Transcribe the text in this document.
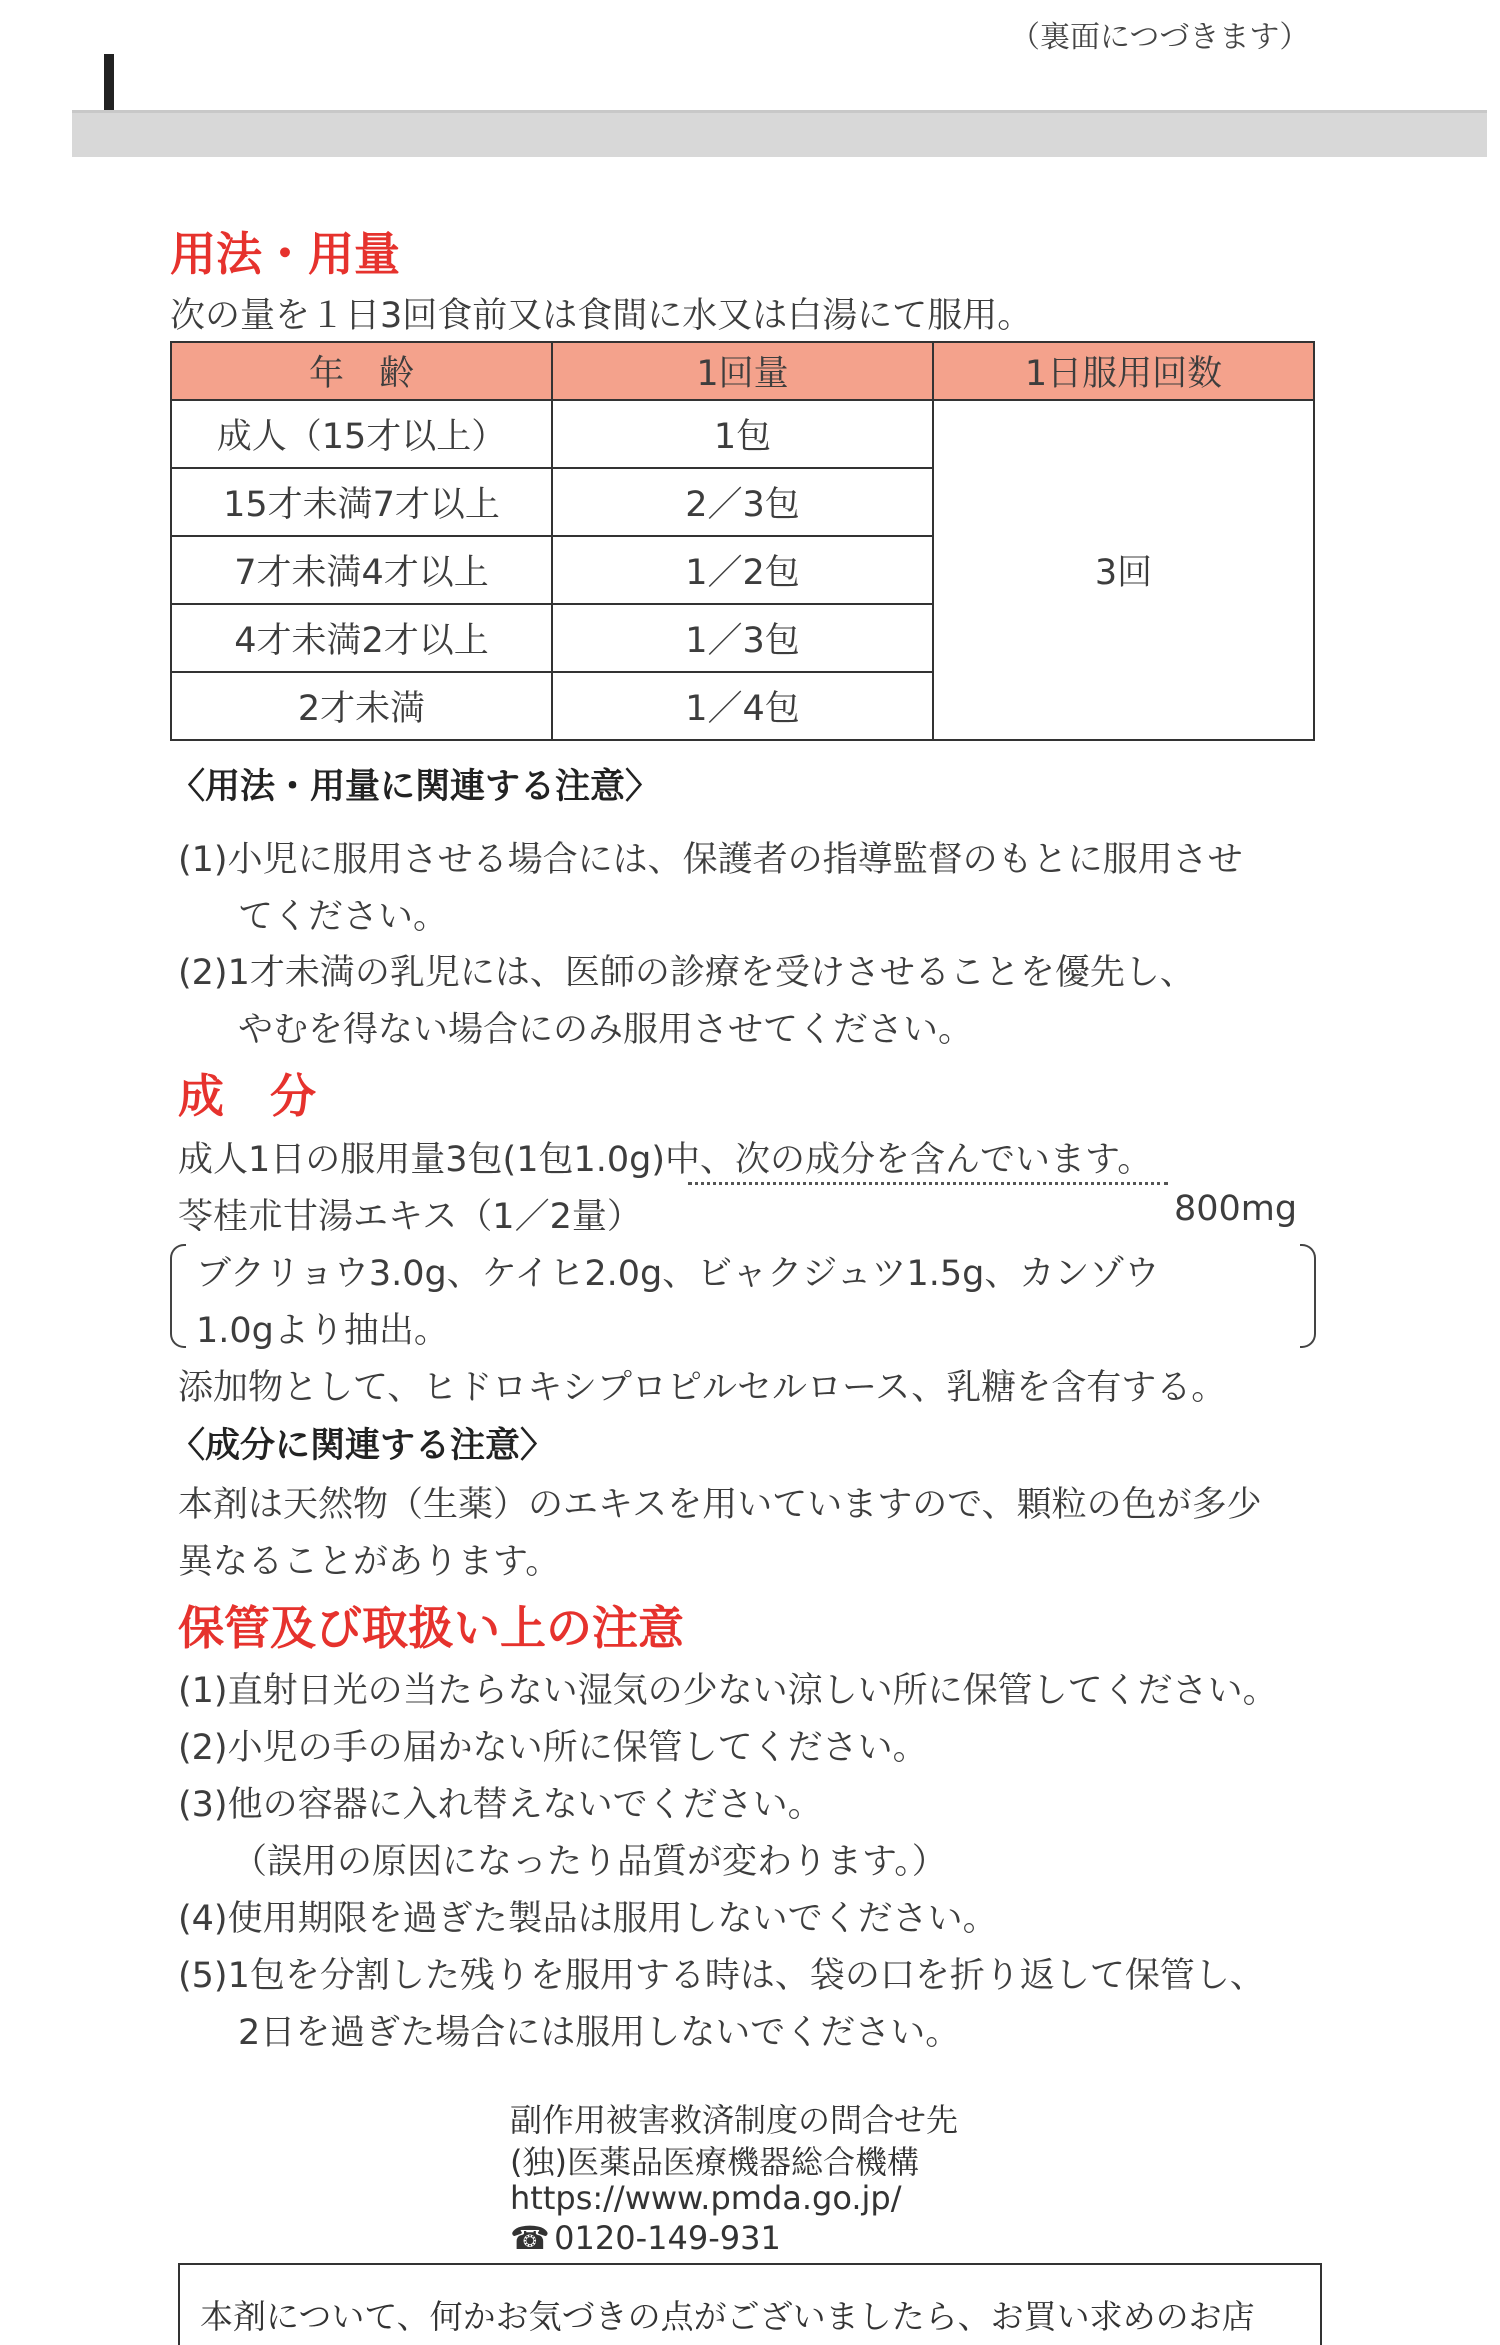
（裏面につづきます）
用法・用量
次の量を１日3回食前又は食間に水又は白湯にて服用。
年　齢	1回量	1日服用回数
成人（15才以上）	1包	3回
15才未満7才以上	2／3包	
7才未満4才以上	1／2包	
4才未満2才以上	1／3包	
2才未満	1／4包	
〈用法・用量に関連する注意〉
(1)小児に服用させる場合には、保護者の指導監督のもとに服用させ
てください。
(2)1才未満の乳児には、医師の診療を受けさせることを優先し、
やむを得ない場合にのみ服用させてください。
成　分
成人1日の服用量3包(1包1.0g)中、次の成分を含んでいます。
苓桂朮甘湯エキス（1／2量）	800mg
ブクリョウ3.0g、ケイヒ2.0g、ビャクジュツ1.5g、カンゾウ
1.0gより抽出。
添加物として、ヒドロキシプロピルセルロース、乳糖を含有する。
〈成分に関連する注意〉
本剤は天然物（生薬）のエキスを用いていますので、顆粒の色が多少
異なることがあります。
保管及び取扱い上の注意
(1)直射日光の当たらない湿気の少ない涼しい所に保管してください。
(2)小児の手の届かない所に保管してください。
(3)他の容器に入れ替えないでください。
（誤用の原因になったり品質が変わります。）
(4)使用期限を過ぎた製品は服用しないでください。
(5)1包を分割した残りを服用する時は、袋の口を折り返して保管し、
2日を過ぎた場合には服用しないでください。
副作用被害救済制度の問合せ先
(独)医薬品医療機器総合機構
https://www.pmda.go.jp/
☎ 0120-149-931
本剤について、何かお気づきの点がございましたら、お買い求めのお店
